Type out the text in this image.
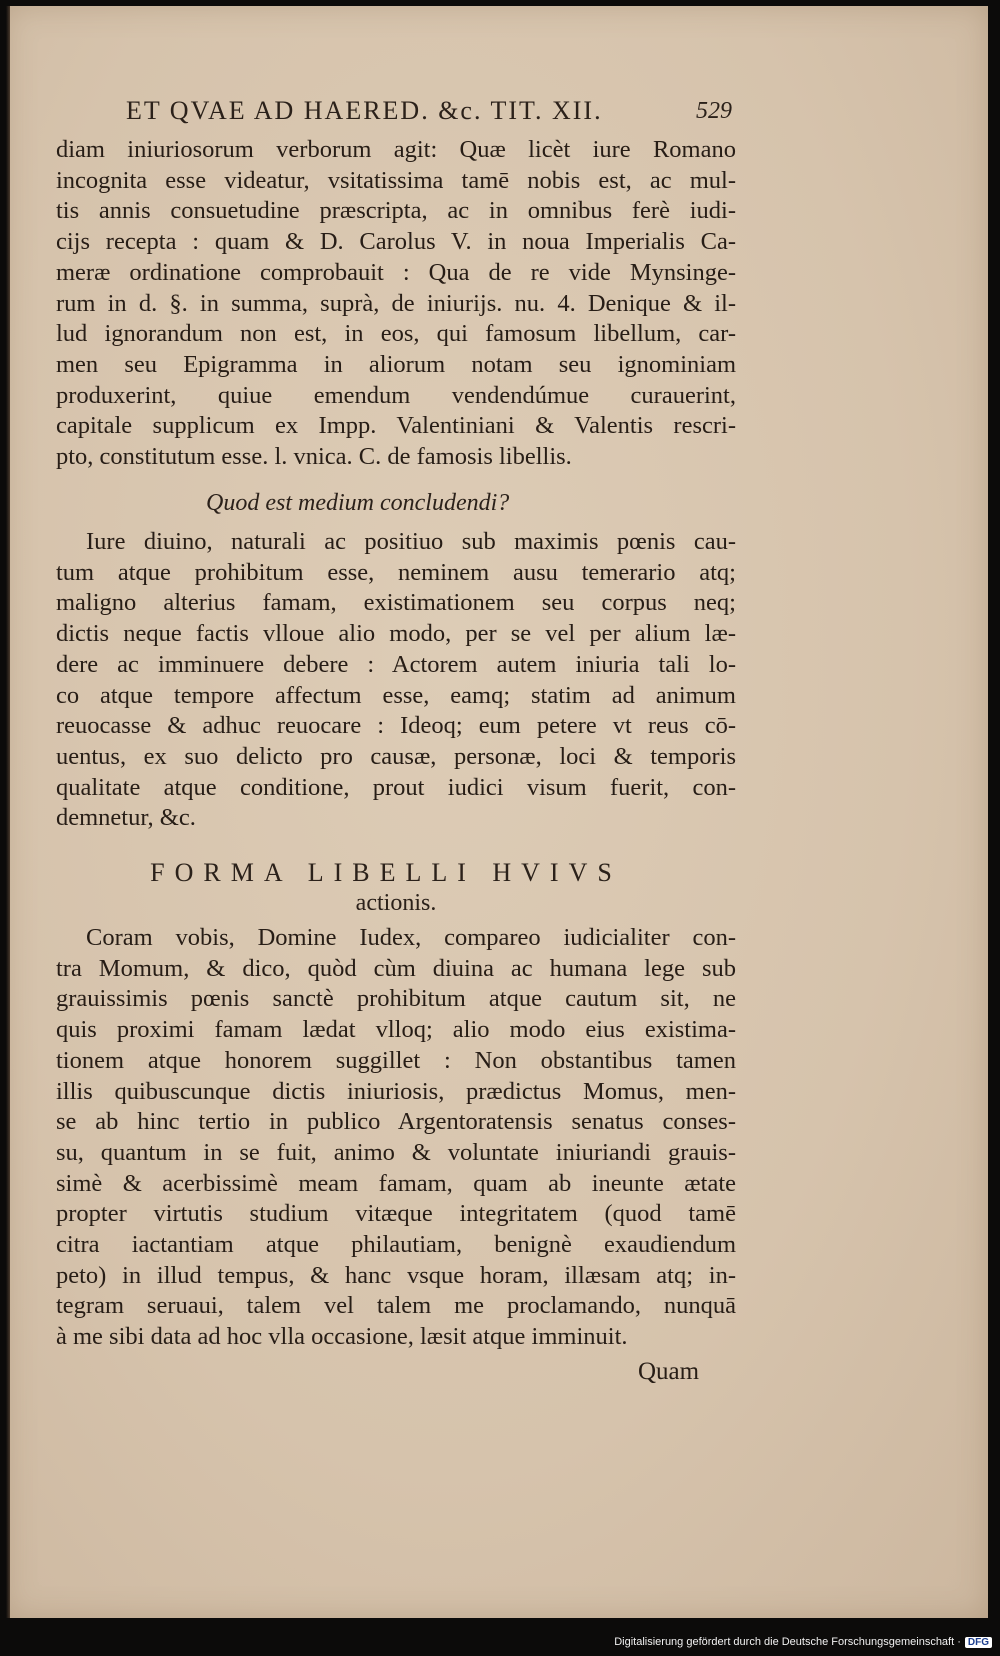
ET QVAE AD HAERED. &c. TIT. XII.	529
diam iniuriosorum verborum agit: Quæ licèt iure Romano
incognita esse videatur, vsitatissima tamē nobis est, ac mul-
tis annis consuetudine præscripta, ac in omnibus ferè iudi-
cijs recepta : quam & D. Carolus V. in noua Imperialis Ca-
meræ ordinatione comprobauit : Qua de re vide Mynsinge-
rum in d. §. in summa, suprà, de iniurijs. nu. 4. Denique & il-
lud ignorandum non est, in eos, qui famosum libellum, car-
men seu Epigramma in aliorum notam seu ignominiam
produxerint, quiue emendum vendendúmue curauerint,
capitale supplicum ex Impp. Valentiniani & Valentis rescri-
pto, constitutum esse. l. vnica. C. de famosis libellis.
Quod est medium concludendi?
Iure diuino, naturali ac positiuo sub maximis pœnis cau-
tum atque prohibitum esse, neminem ausu temerario atq;
maligno alterius famam, existimationem seu corpus neq;
dictis neque factis vlloue alio modo, per se vel per alium læ-
dere ac imminuere debere : Actorem autem iniuria tali lo-
co atque tempore affectum esse, eamq; statim ad animum
reuocasse & adhuc reuocare : Ideoq; eum petere vt reus cō-
uentus, ex suo delicto pro causæ, personæ, loci & temporis
qualitate atque conditione, prout iudici visum fuerit, con-
demnetur, &c.
FORMA LIBELLI HVIVS
actionis.
Coram vobis, Domine Iudex, compareo iudicialiter con-
tra Momum, & dico, quòd cùm diuina ac humana lege sub
grauissimis pœnis sanctè prohibitum atque cautum sit, ne
quis proximi famam lædat vlloq; alio modo eius existima-
tionem atque honorem suggillet : Non obstantibus tamen
illis quibuscunque dictis iniuriosis, prædictus Momus, men-
se ab hinc tertio in publico Argentoratensis senatus conses-
su, quantum in se fuit, animo & voluntate iniuriandi grauis-
simè & acerbissimè meam famam, quam ab ineunte ætate
propter virtutis studium vitæque integritatem (quod tamē
citra iactantiam atque philautiam, benignè exaudiendum
peto) in illud tempus, & hanc vsque horam, illæsam atq; in-
tegram seruaui, talem vel talem me proclamando, nunquā
à me sibi data ad hoc vlla occasione, læsit atque imminuit.
Quam
Digitalisierung gefördert durch die Deutsche Forschungsgemeinschaft · DFG
